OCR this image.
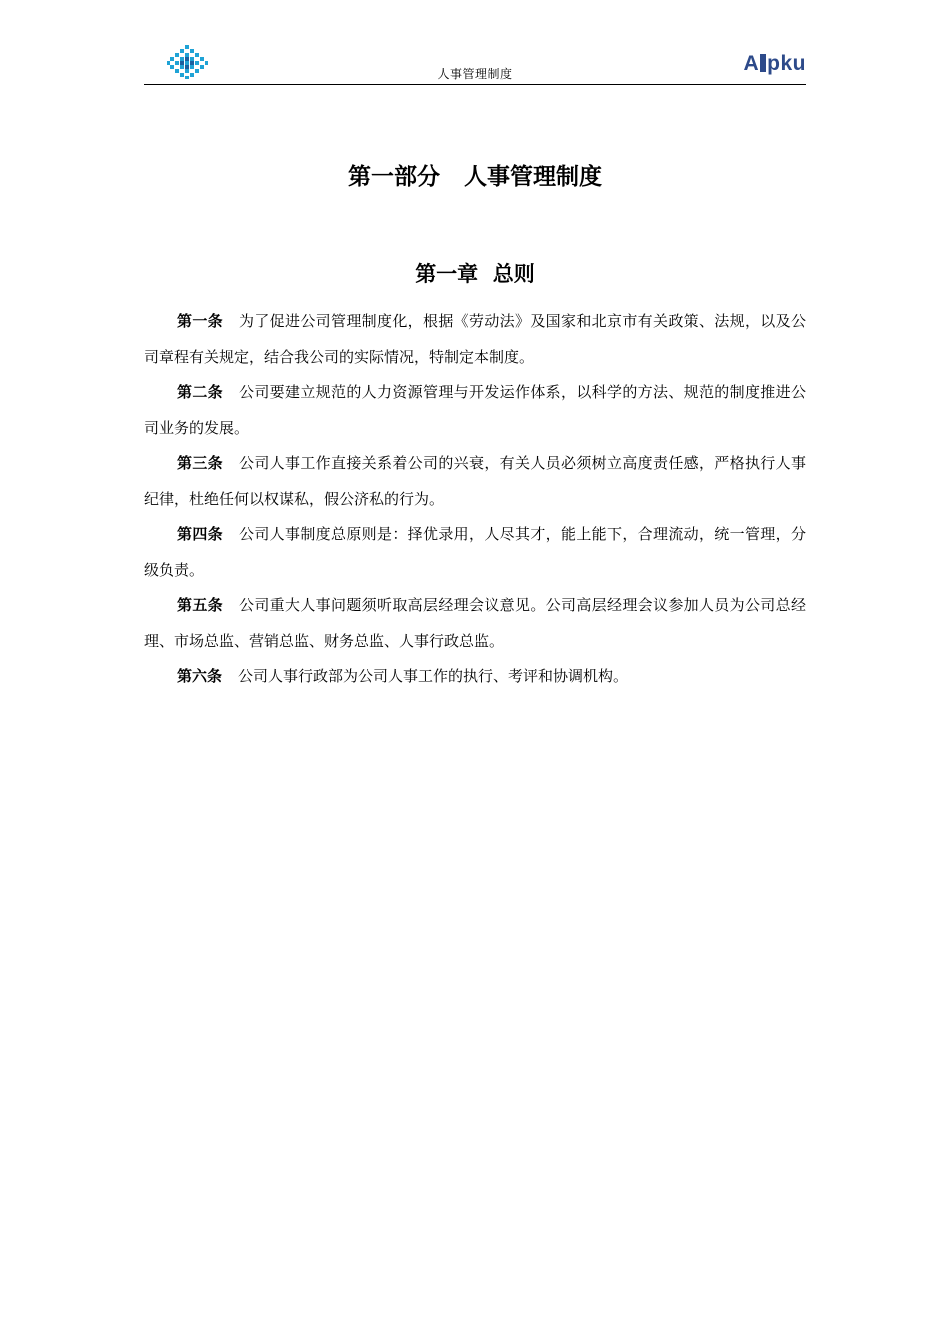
人事管理制度	A pku
第一部分   人事管理制度
第一章  总则

第一条 为了促进公司管理制度化，根据《劳动法》及国家和北京市有关政策、法规，以及公司章程有关规定，结合我公司的实际情况，特制定本制度。

第二条 公司要建立规范的人力资源管理与开发运作体系，以科学的方法、规范的制度推进公司业务的发展。

第三条 公司人事工作直接关系着公司的兴衰，有关人员必须树立高度责任感，严格执行人事纪律，杜绝任何以权谋私，假公济私的行为。

第四条 公司人事制度总原则是：择优录用，人尽其才，能上能下，合理流动，统一管理，分级负责。

第五条 公司重大人事问题须听取高层经理会议意见。公司高层经理会议参加人员为公司总经理、市场总监、营销总监、财务总监、人事行政总监。

第六条 公司人事行政部为公司人事工作的执行、考评和协调机构。
